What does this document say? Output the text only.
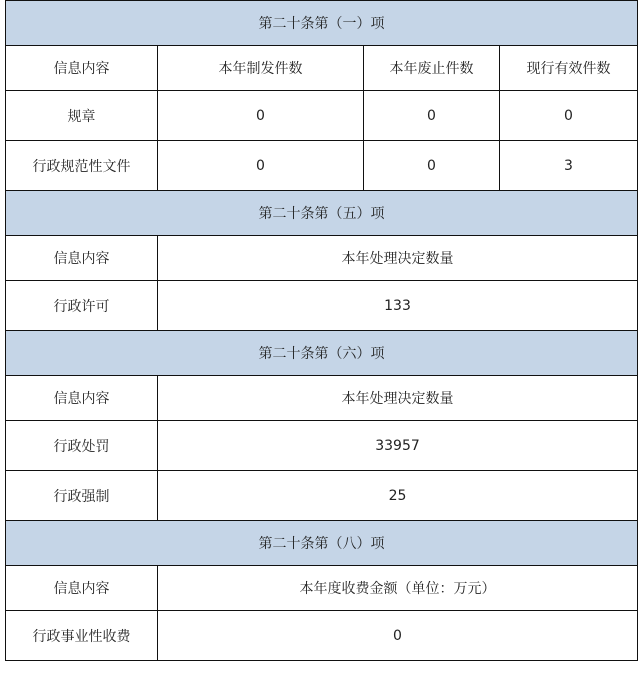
第二十条第（一）项			
信息内容	本年制发件数	本年废止件数	现行有效件数
规章	0	0	0
行政规范性文件	0	0	3
第二十条第（五）项			
信息内容	本年处理决定数量		
行政许可	133		
第二十条第（六）项			
信息内容	本年处理决定数量		
行政处罚	33957		
行政强制	25		
第二十条第（八）项			
信息内容	本年度收费金额（单位：万元）		
行政事业性收费	0		
